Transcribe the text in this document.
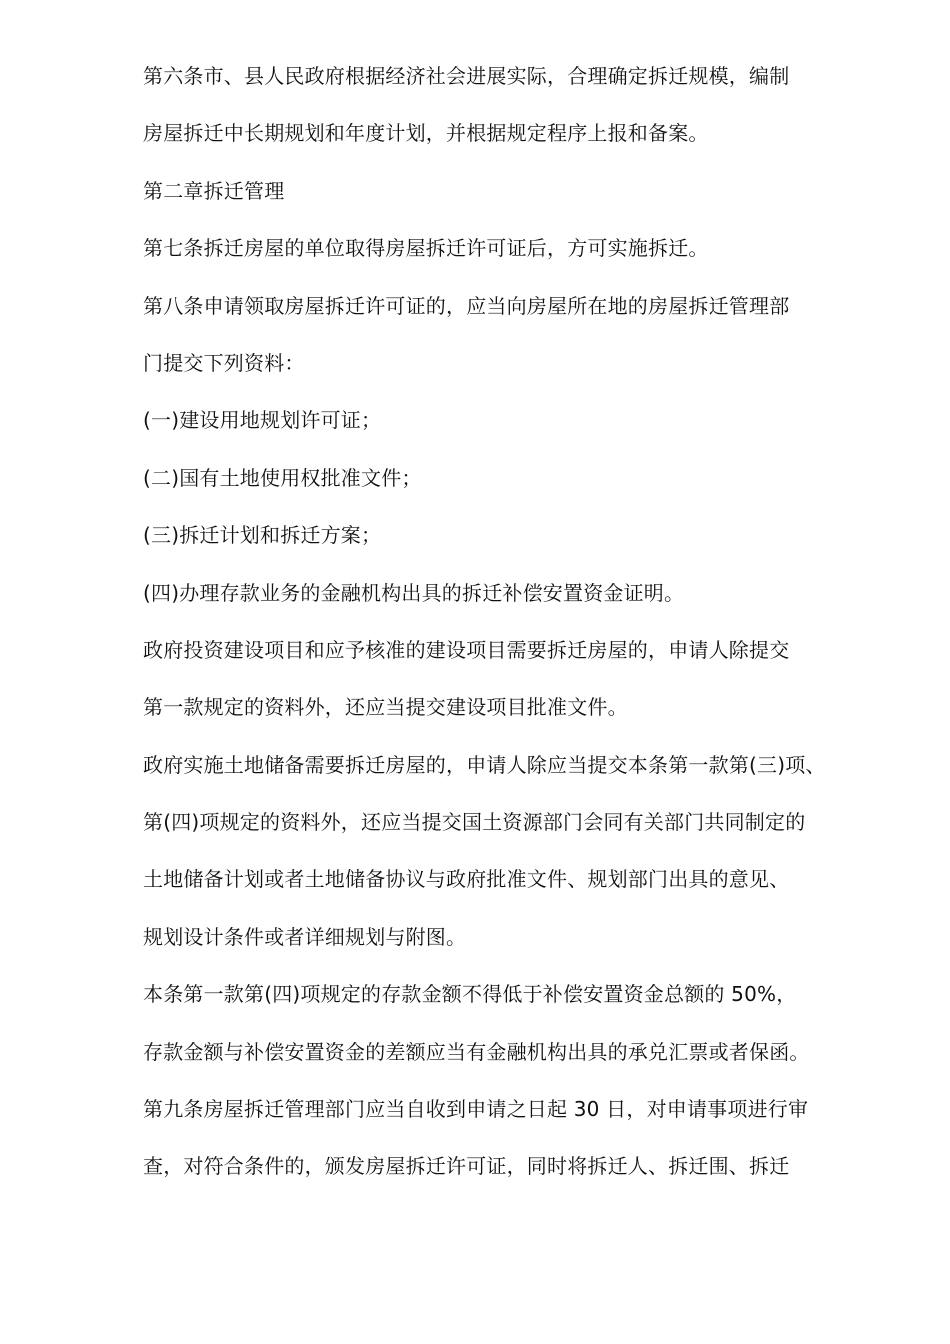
第六条市、县人民政府根据经济社会进展实际，合理确定拆迁规模，编制
房屋拆迁中长期规划和年度计划，并根据规定程序上报和备案。
第二章拆迁管理
第七条拆迁房屋的单位取得房屋拆迁许可证后，方可实施拆迁。
第八条申请领取房屋拆迁许可证的，应当向房屋所在地的房屋拆迁管理部
门提交下列资料：
(一)建设用地规划许可证；
(二)国有土地使用权批准文件；
(三)拆迁计划和拆迁方案；
(四)办理存款业务的金融机构出具的拆迁补偿安置资金证明。
政府投资建设项目和应予核准的建设项目需要拆迁房屋的，申请人除提交
第一款规定的资料外，还应当提交建设项目批准文件。
政府实施土地储备需要拆迁房屋的，申请人除应当提交本条第一款第(三)项、
第(四)项规定的资料外，还应当提交国土资源部门会同有关部门共同制定的
土地储备计划或者土地储备协议与政府批准文件、规划部门出具的意见、
规划设计条件或者详细规划与附图。
本条第一款第(四)项规定的存款金额不得低于补偿安置资金总额的 50%，
存款金额与补偿安置资金的差额应当有金融机构出具的承兑汇票或者保函。
第九条房屋拆迁管理部门应当自收到申请之日起 30 日，对申请事项进行审
查，对符合条件的，颁发房屋拆迁许可证，同时将拆迁人、拆迁围、拆迁
